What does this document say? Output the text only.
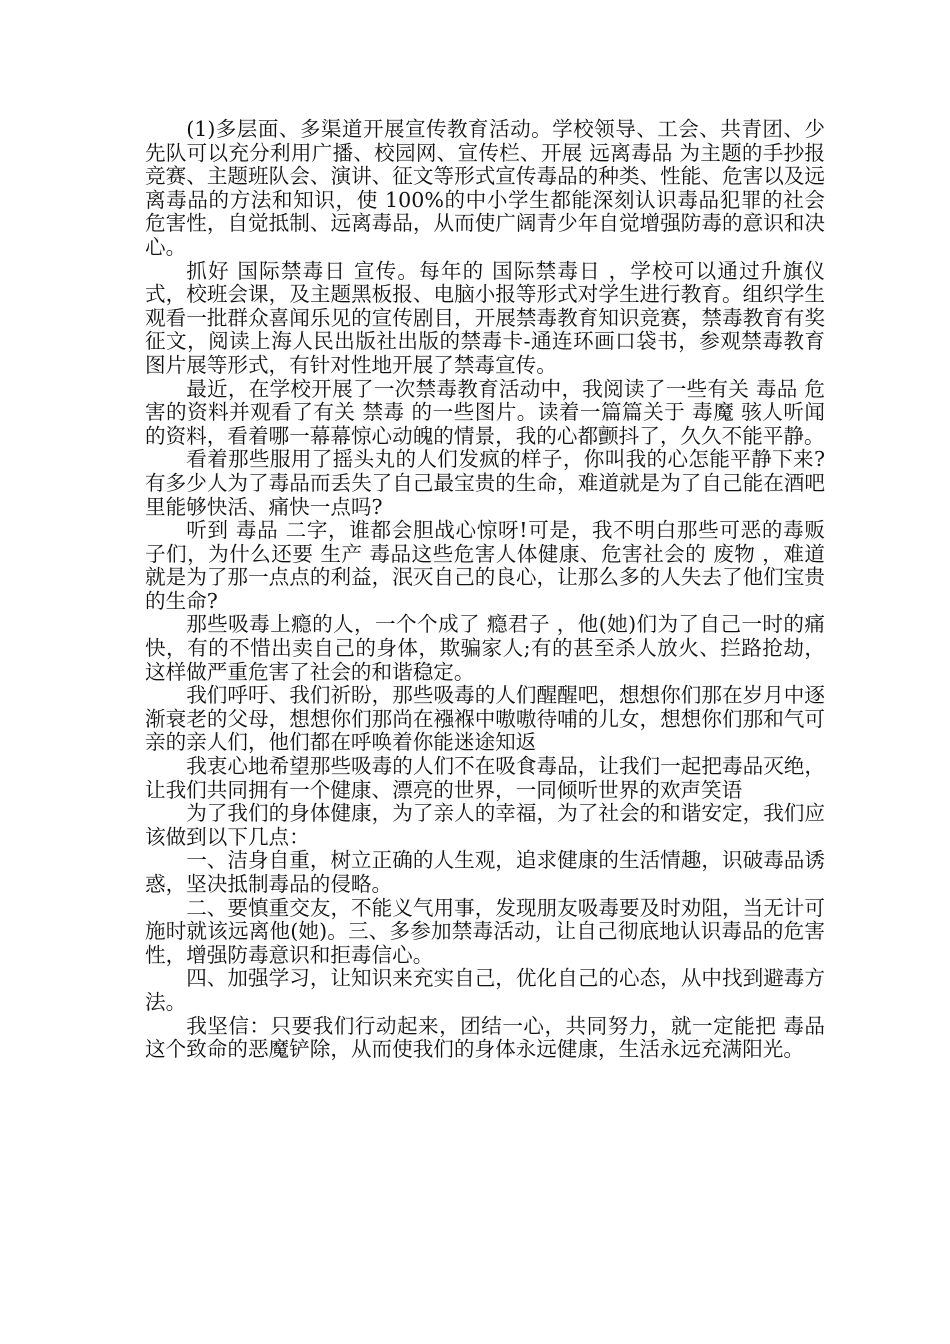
(1)多层面、多渠道开展宣传教育活动。学校领导、工会、共青团、少先队可以充分利用广播、校园网、宣传栏、开展 远离毒品 为主题的手抄报竞赛、主题班队会、演讲、征文等形式宣传毒品的种类、性能、危害以及远离毒品的方法和知识，使 100%的中小学生都能深刻认识毒品犯罪的社会危害性，自觉抵制、远离毒品，从而使广阔青少年自觉增强防毒的意识和决心。

抓好 国际禁毒日 宣传。每年的 国际禁毒日 ，学校可以通过升旗仪式，校班会课，及主题黑板报、电脑小报等形式对学生进行教育。组织学生观看一批群众喜闻乐见的宣传剧目，开展禁毒教育知识竞赛，禁毒教育有奖征文，阅读上海人民出版社出版的禁毒卡-通连环画口袋书，参观禁毒教育图片展等形式，有针对性地开展了禁毒宣传。

最近，在学校开展了一次禁毒教育活动中，我阅读了一些有关 毒品 危害的资料并观看了有关 禁毒 的一些图片。读着一篇篇关于 毒魔 骇人听闻的资料，看着哪一幕幕惊心动魄的情景，我的心都颤抖了，久久不能平静。

看着那些服用了摇头丸的人们发疯的样子，你叫我的心怎能平静下来?有多少人为了毒品而丢失了自己最宝贵的生命，难道就是为了自己能在酒吧里能够快活、痛快一点吗?

听到 毒品 二字，谁都会胆战心惊呀!可是，我不明白那些可恶的毒贩子们，为什么还要 生产 毒品这些危害人体健康、危害社会的 废物 ，难道就是为了那一点点的利益，泯灭自己的良心，让那么多的人失去了他们宝贵的生命?

那些吸毒上瘾的人，一个个成了 瘾君子 ，他(她)们为了自己一时的痛快，有的不惜出卖自己的身体，欺骗家人;有的甚至杀人放火、拦路抢劫，这样做严重危害了社会的和谐稳定。

我们呼吁、我们祈盼，那些吸毒的人们醒醒吧，想想你们那在岁月中逐渐衰老的父母，想想你们那尚在襁褓中嗷嗷待哺的儿女，想想你们那和气可亲的亲人们，他们都在呼唤着你能迷途知返

我衷心地希望那些吸毒的人们不在吸食毒品，让我们一起把毒品灭绝，让我们共同拥有一个健康、漂亮的世界，一同倾听世界的欢声笑语

为了我们的身体健康，为了亲人的幸福，为了社会的和谐安定，我们应该做到以下几点：

一、洁身自重，树立正确的人生观，追求健康的生活情趣，识破毒品诱惑，坚决抵制毒品的侵略。

二、要慎重交友，不能义气用事，发现朋友吸毒要及时劝阻，当无计可施时就该远离他(她)。三、多参加禁毒活动，让自己彻底地认识毒品的危害性，增强防毒意识和拒毒信心。

四、加强学习，让知识来充实自己，优化自己的心态，从中找到避毒方法。

我坚信：只要我们行动起来，团结一心，共同努力，就一定能把 毒品 这个致命的恶魔铲除，从而使我们的身体永远健康，生活永远充满阳光。
